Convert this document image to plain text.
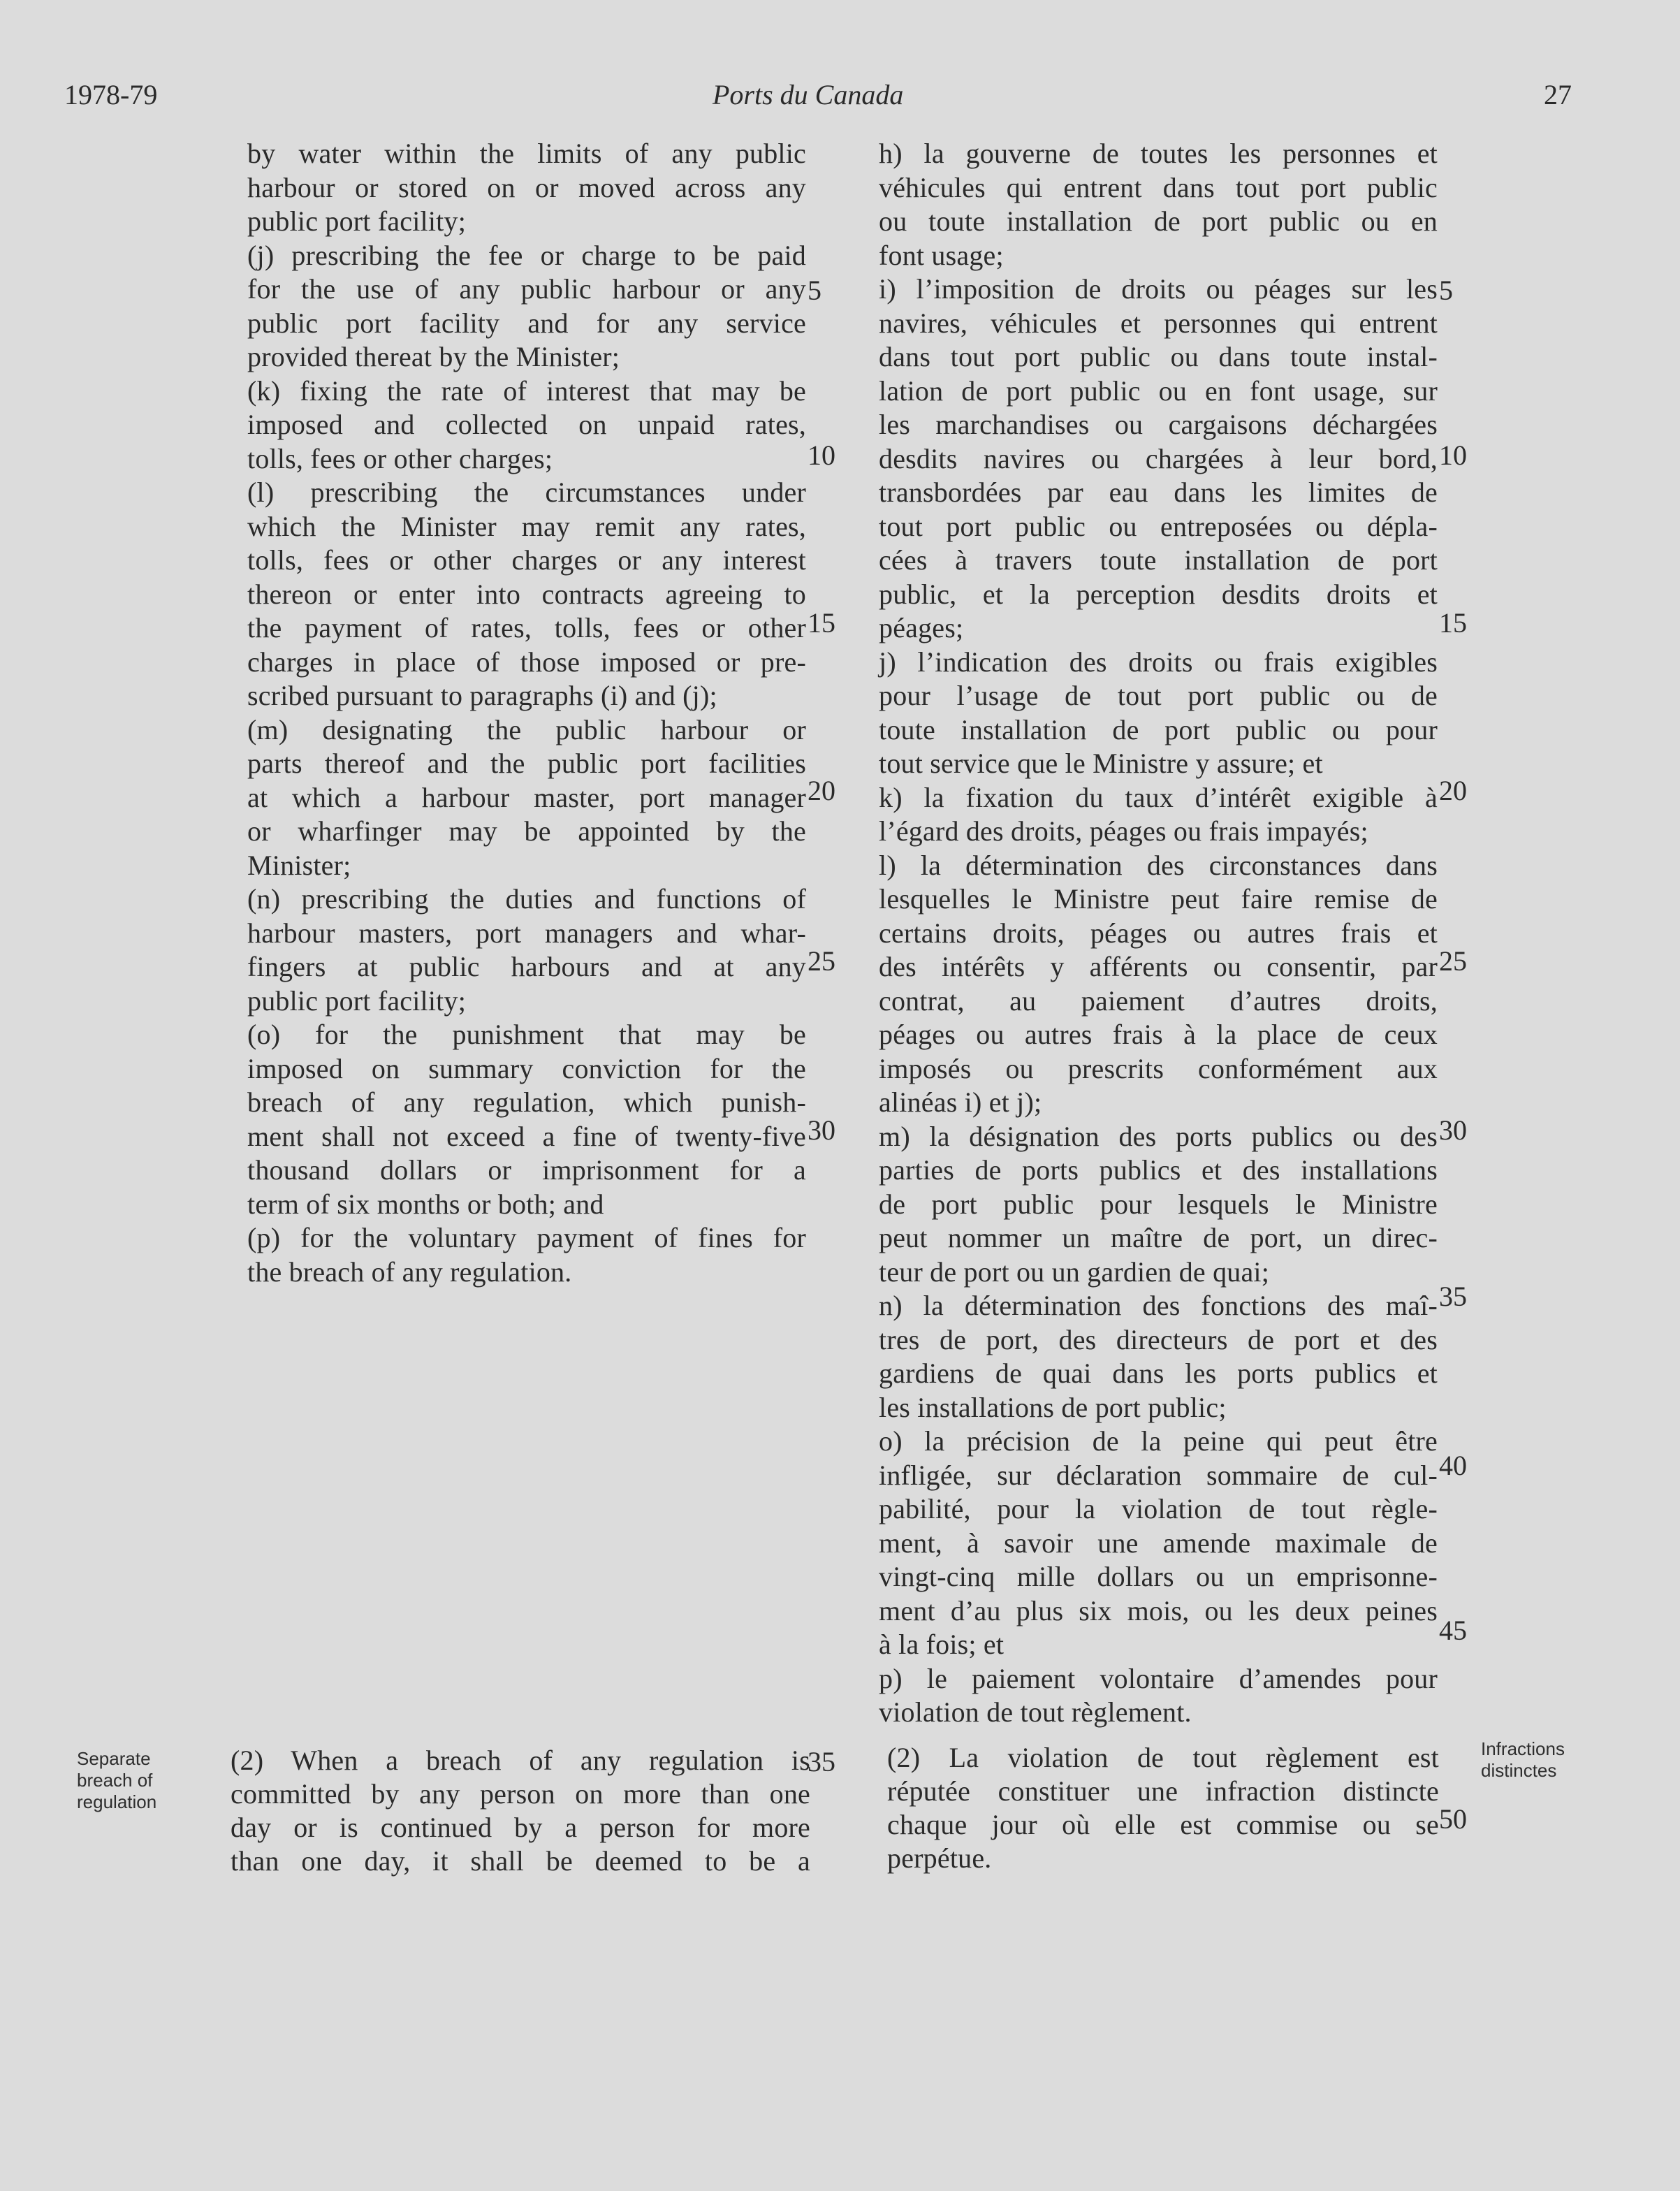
1978-79	Ports du Canada	27
by water within the limits of any public
harbour or stored on or moved across any
public port facility;
(j) prescribing the fee or charge to be paid
for the use of any public harbour or any
public port facility and for any service
provided thereat by the Minister;
(k) fixing the rate of interest that may be
imposed and collected on unpaid rates,
tolls, fees or other charges;
(l) prescribing the circumstances under
which the Minister may remit any rates,
tolls, fees or other charges or any interest
thereon or enter into contracts agreeing to
the payment of rates, tolls, fees or other
charges in place of those imposed or pre-
scribed pursuant to paragraphs (i) and (j);
(m) designating the public harbour or
parts thereof and the public port facilities
at which a harbour master, port manager
or wharfinger may be appointed by the
Minister;
(n) prescribing the duties and functions of
harbour masters, port managers and whar-
fingers at public harbours and at any
public port facility;
(o) for the punishment that may be
imposed on summary conviction for the
breach of any regulation, which punish-
ment shall not exceed a fine of twenty-five
thousand dollars or imprisonment for a
term of six months or both; and
(p) for the voluntary payment of fines for
the breach of any regulation.
h) la gouverne de toutes les personnes et
véhicules qui entrent dans tout port public
ou toute installation de port public ou en
font usage;
i) l’imposition de droits ou péages sur les
navires, véhicules et personnes qui entrent
dans tout port public ou dans toute instal-
lation de port public ou en font usage, sur
les marchandises ou cargaisons déchargées
desdits navires ou chargées à leur bord,
transbordées par eau dans les limites de
tout port public ou entreposées ou dépla-
cées à travers toute installation de port
public, et la perception desdits droits et
péages;
j) l’indication des droits ou frais exigibles
pour l’usage de tout port public ou de
toute installation de port public ou pour
tout service que le Ministre y assure; et
k) la fixation du taux d’intérêt exigible à
l’égard des droits, péages ou frais impayés;
l) la détermination des circonstances dans
lesquelles le Ministre peut faire remise de
certains droits, péages ou autres frais et
des intérêts y afférents ou consentir, par
contrat, au paiement d’autres droits,
péages ou autres frais à la place de ceux
imposés ou prescrits conformément aux
alinéas i) et j);
m) la désignation des ports publics ou des
parties de ports publics et des installations
de port public pour lesquels le Ministre
peut nommer un maître de port, un direc-
teur de port ou un gardien de quai;
n) la détermination des fonctions des maî-
tres de port, des directeurs de port et des
gardiens de quai dans les ports publics et
les installations de port public;
o) la précision de la peine qui peut être
infligée, sur déclaration sommaire de cul-
pabilité, pour la violation de tout règle-
ment, à savoir une amende maximale de
vingt-cinq mille dollars ou un emprisonne-
ment d’au plus six mois, ou les deux peines
à la fois; et
p) le paiement volontaire d’amendes pour
violation de tout règlement.
5
10
15
20
25
30
35
5
10
15
20
25
30
35
40
45
50
Separate breach of regulation
Infractions distinctes
(2) When a breach of any regulation is
committed by any person on more than one
day or is continued by a person for more
than one day, it shall be deemed to be a
(2) La violation de tout règlement est
réputée constituer une infraction distincte
chaque jour où elle est commise ou se
perpétue.
